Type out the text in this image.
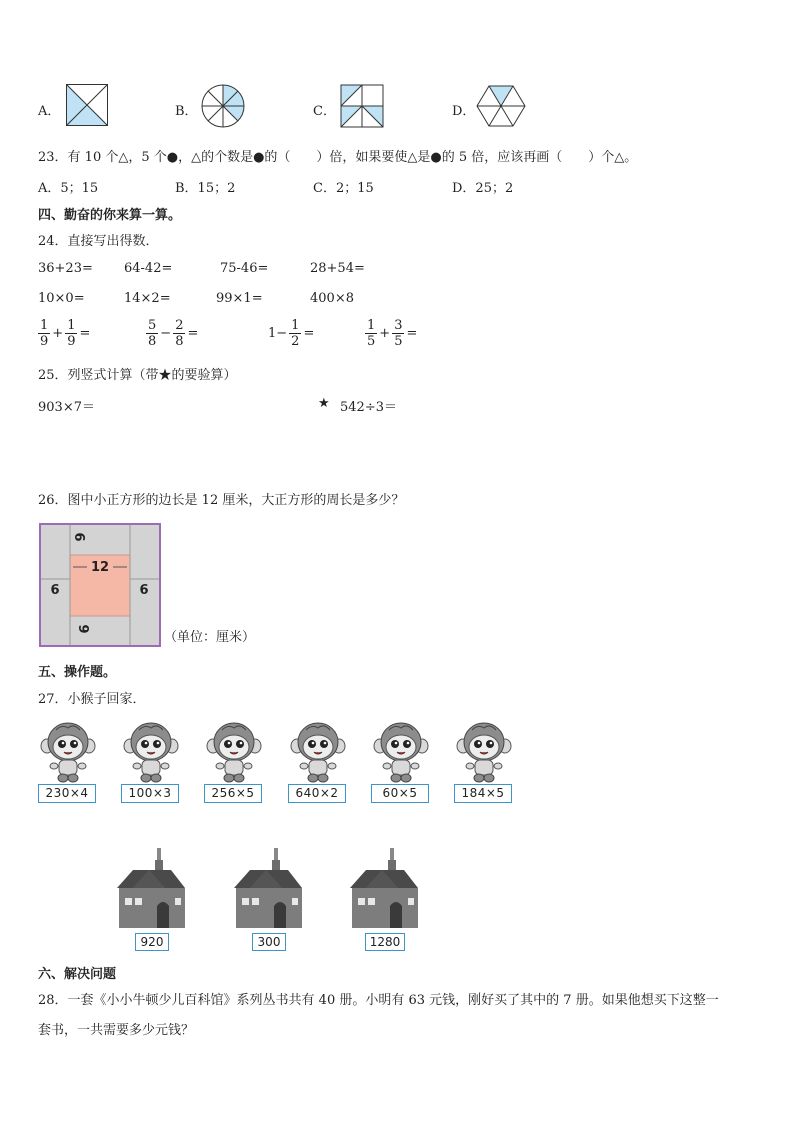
A．	B．	C．	D．
23．有 10 个△，5 个●，△的个数是●的（　　）倍，如果要使△是●的 5 倍，应该再画（　　）个△。
A．5；15	B．15；2	C．2；15	D．25；2
四、勤奋的你来算一算。
24．直接写出得数．
36+23= 64-42=	75-46=	28+54=
10×0=	14×2=	99×1=	400×8
$\frac{1}{9} + \frac{1}{9}$ =	$\frac{5}{8} - \frac{2}{8}$ =	$1- \frac{1}{2}$ =	$\frac{1}{5} + \frac{3}{5}$ =
25．列竖式计算（带★的要验算）
903×7＝	★ 542÷3＝
26．图中小正方形的边长是 12 厘米，大正方形的周长是多少？
12
6
6	6
6
（单位：厘米）
五、操作题。
27．小猴子回家．
230×4	100×3	256×5	640×2	60×5	184×5
920	300	1280
六、解决问题
28．一套《小小牛顿少儿百科馆》系列丛书共有 40 册。小明有 63 元钱，刚好买了其中的 7 册。如果他想买下这整一
套书，一共需要多少元钱？
